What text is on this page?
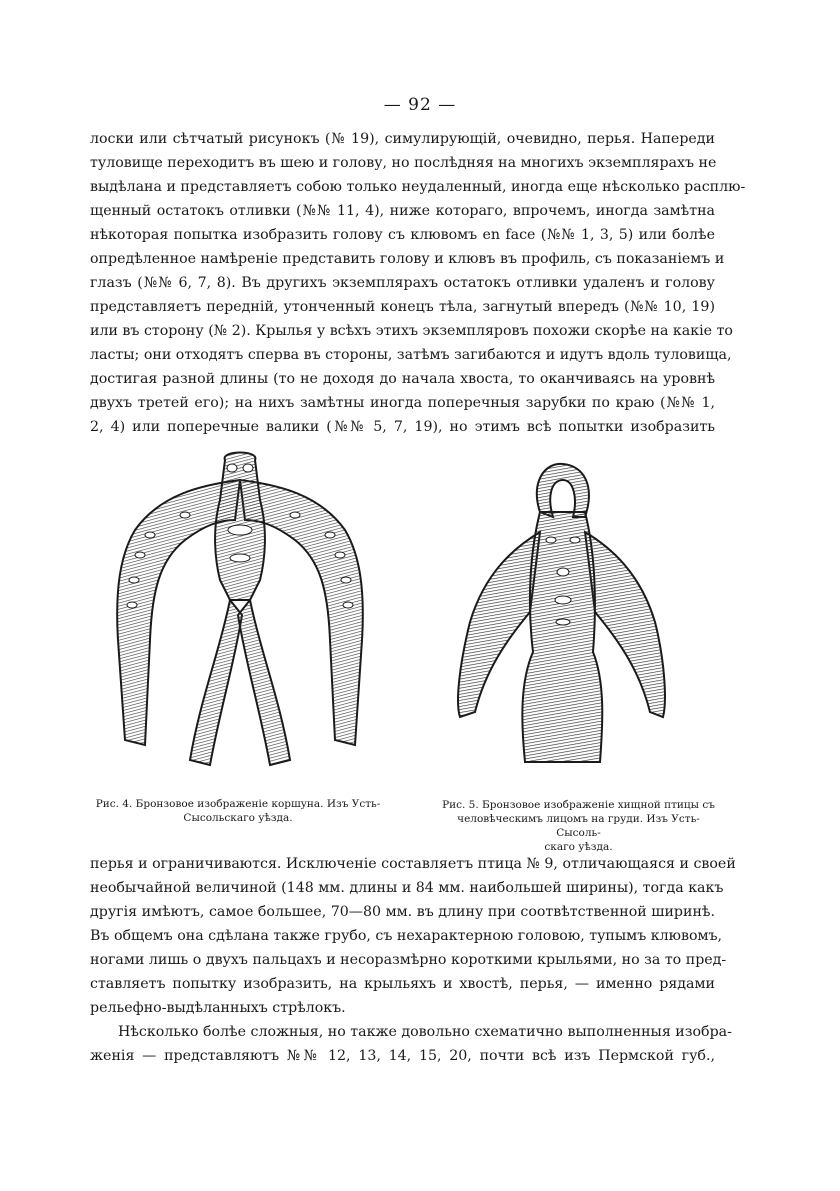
— 92 —
лоски или сѣтчатый рисунокъ (№ 19), симулирующій, очевидно, перья. Напереди
туловище переходитъ въ шею и голову, но послѣдняя на многихъ экземплярахъ не
выдѣлана и представляетъ собою только неудаленный, иногда еще нѣсколько расплю-
щенный остатокъ отливки (№№ 11, 4), ниже котораго, впрочемъ, иногда замѣтна
нѣкоторая попытка изобразить голову съ клювомъ en face (№№ 1, 3, 5) или болѣе
опредѣленное намѣреніе представить голову и клювъ въ профиль, съ показаніемъ и
глазъ (№№ 6, 7, 8). Въ другихъ экземплярахъ остатокъ отливки удаленъ и голову
представляетъ передній, утонченный конецъ тѣла, загнутый впередъ (№№ 10, 19)
или въ сторону (№ 2). Крылья у всѣхъ этихъ экземпляровъ похожи скорѣе на какіе то
ласты; они отходятъ сперва въ стороны, затѣмъ загибаются и идутъ вдоль туловища,
достигая разной длины (то не доходя до начала хвоста, то оканчиваясь на уровнѣ
двухъ третей его); на нихъ замѣтны иногда поперечныя зарубки по краю (№№ 1,
2, 4) или поперечные валики (№№ 5, 7, 19), но этимъ всѣ попытки изобразить
Рис. 4. Бронзовое изображеніе коршуна. Изъ Усть-
Сысольскаго уѣзда.
Рис. 5. Бронзовое изображеніе хищной птицы съ
человѣческимъ лицомъ на груди. Изъ Усть-Сысоль-
скаго уѣзда.
перья и ограничиваются. Исключеніе составляетъ птица № 9, отличающаяся и своей
необычайной величиной (148 мм. длины и 84 мм. наибольшей ширины), тогда какъ
другія имѣютъ, самое большее, 70—80 мм. въ длину при соотвѣтственной ширинѣ.
Въ общемъ она сдѣлана также грубо, съ нехарактерною головою, тупымъ клювомъ,
ногами лишь о двухъ пальцахъ и несоразмѣрно короткими крыльями, но за то пред-
ставляетъ попытку изобразить, на крыльяхъ и хвостѣ, перья, — именно рядами
рельефно-выдѣланныхъ стрѣлокъ.
Нѣсколько болѣе сложныя, но также довольно схематично выполненныя изобра-
женія — представляютъ №№ 12, 13, 14, 15, 20, почти всѣ изъ Пермской губ.,
